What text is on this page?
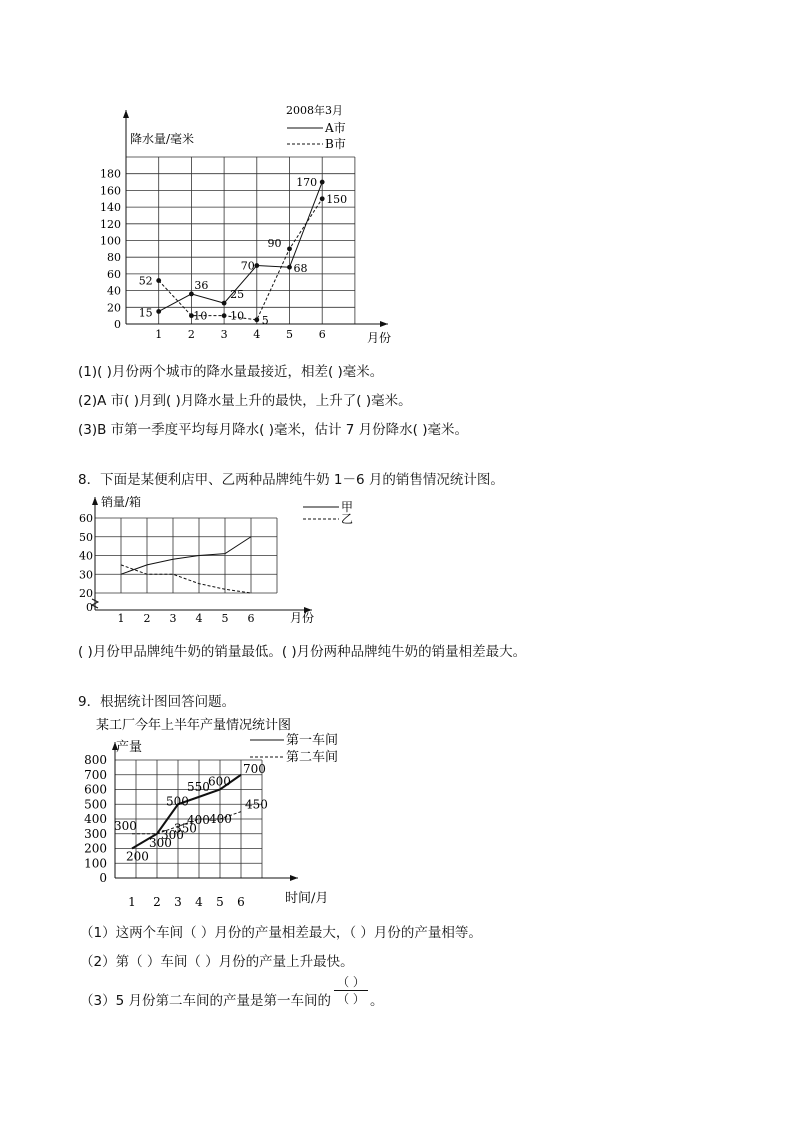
180
160
140
120
100
80
60
40
20
0
1 2 3 4 5 6
降水量/毫米
月份
2008年3月
A市
B市
15
36
25
70	68
170
52
10 10 5
90
150
60
50
40
30
20
0
1 2 3 4 5 6
销量/箱
月份
甲
乙
800
700
600
500
400
300
200
100
0
1 2 3 4 5 6
产量
时间/月
某工厂今年上半年产量情况统计图
第一车间
第二车间
200
300
500
550
600
700
300
300
350
400 400
450
(1)( )月份两个城市的降水量最接近，相差( )毫米。
(2)A 市( )月到( )月降水量上升的最快，上升了( )毫米。
(3)B 市第一季度平均每月降水( )毫米，估计 7 月份降水( )毫米。
8．下面是某便利店甲、乙两种品牌纯牛奶 1－6 月的销售情况统计图。
( )月份甲品牌纯牛奶的销量最低。( )月份两种品牌纯牛奶的销量相差最大。
9．根据统计图回答问题。
（1）这两个车间（ ）月份的产量相差最大，（ ）月份的产量相等。
（2）第（ ）车间（ ）月份的产量上升最快。
（3）5 月份第二车间的产量是第一车间的
（ ）
（ ） 。
